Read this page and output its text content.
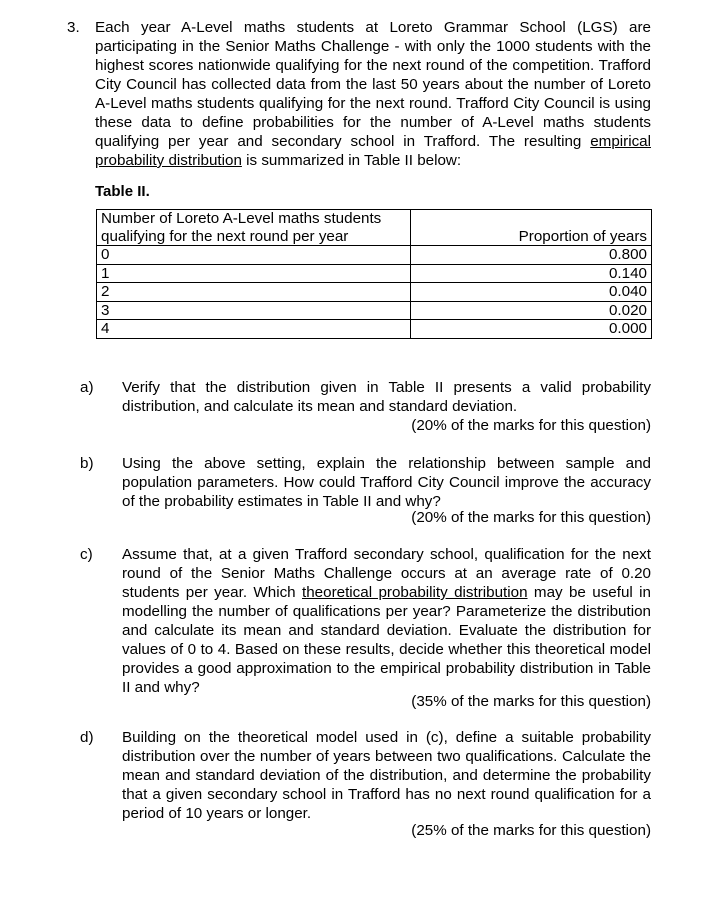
3. Each year A-Level maths students at Loreto Grammar School (LGS) are participating in the Senior Maths Challenge - with only the 1000 students with the highest scores nationwide qualifying for the next round of the competition. Trafford City Council has collected data from the last 50 years about the number of Loreto A-Level maths students qualifying for the next round. Trafford City Council is using these data to define probabilities for the number of A-Level maths students qualifying per year and secondary school in Trafford. The resulting empirical probability distribution is summarized in Table II below:
Table II.
Number of Loreto A-Level maths students qualifying for the next round per year	Proportion of years
0	0.800
1	0.140
2	0.040
3	0.020
4	0.000
a) Verify that the distribution given in Table II presents a valid probability distribution, and calculate its mean and standard deviation.
(20% of the marks for this question)
b) Using the above setting, explain the relationship between sample and population parameters. How could Trafford City Council improve the accuracy of the probability estimates in Table II and why?
(20% of the marks for this question)
c) Assume that, at a given Trafford secondary school, qualification for the next round of the Senior Maths Challenge occurs at an average rate of 0.20 students per year. Which theoretical probability distribution may be useful in modelling the number of qualifications per year? Parameterize the distribution and calculate its mean and standard deviation. Evaluate the distribution for values of 0 to 4. Based on these results, decide whether this theoretical model provides a good approximation to the empirical probability distribution in Table II and why?
(35% of the marks for this question)
d) Building on the theoretical model used in (c), define a suitable probability distribution over the number of years between two qualifications. Calculate the mean and standard deviation of the distribution, and determine the probability that a given secondary school in Trafford has no next round qualification for a period of 10 years or longer.
(25% of the marks for this question)
